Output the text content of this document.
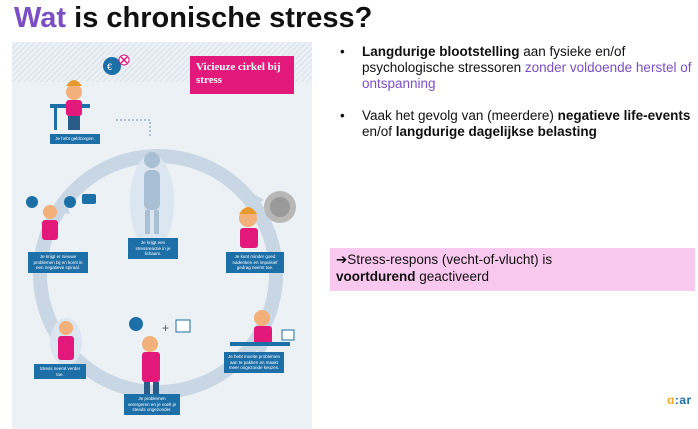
Wat is chronische stress?
€
+
Vicieuze cirkel bij stress
Je hebt geldzorgen.
Je krijgt een stressreactie in je lichaam.
Je kunt minder goed nadenken en impulsief gedrag neemt toe.
Je hebt moeite problemen aan te pakken en maakt meer ongezonde keuzes.
Je problemen verergeren en je voelt je steeds ongezonder.
Stress neemt verder toe.
Je krijgt er nieuwe problemen bij en komt in een negatieve spiraal.
• Langdurige blootstelling aan fysieke en/of psychologische stressoren zonder voldoende herstel of ontspanning
• Vaak het gevolg van (meerdere) negatieve life-events en/of langdurige dagelijkse belasting
➔Stress-respons (vecht-of-vlucht) is
voortdurend geactiveerd
ɑ:ar
